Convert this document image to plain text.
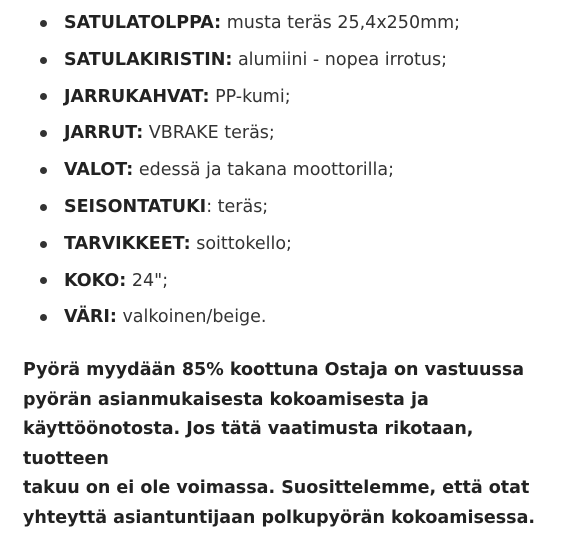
SATULATOLPPA: musta teräs 25,4x250mm;
SATULAKIRISTIN: alumiini - nopea irrotus;
JARRUKAHVAT: PP-kumi;
JARRUT: VBRAKE teräs;
VALOT: edessä ja takana moottorilla;
SEISONTATUKI: teräs;
TARVIKKEET: soittokello;
KOKO: 24";
VÄRI: valkoinen/beige.

Pyörä myydään 85% koottuna Ostaja on vastuussa
pyörän asianmukaisesta kokoamisesta ja
käyttöönotosta. Jos tätä vaatimusta rikotaan, tuotteen
takuu on ei ole voimassa. Suosittelemme, että otat
yhteyttä asiantuntijaan polkupyörän kokoamisessa.
